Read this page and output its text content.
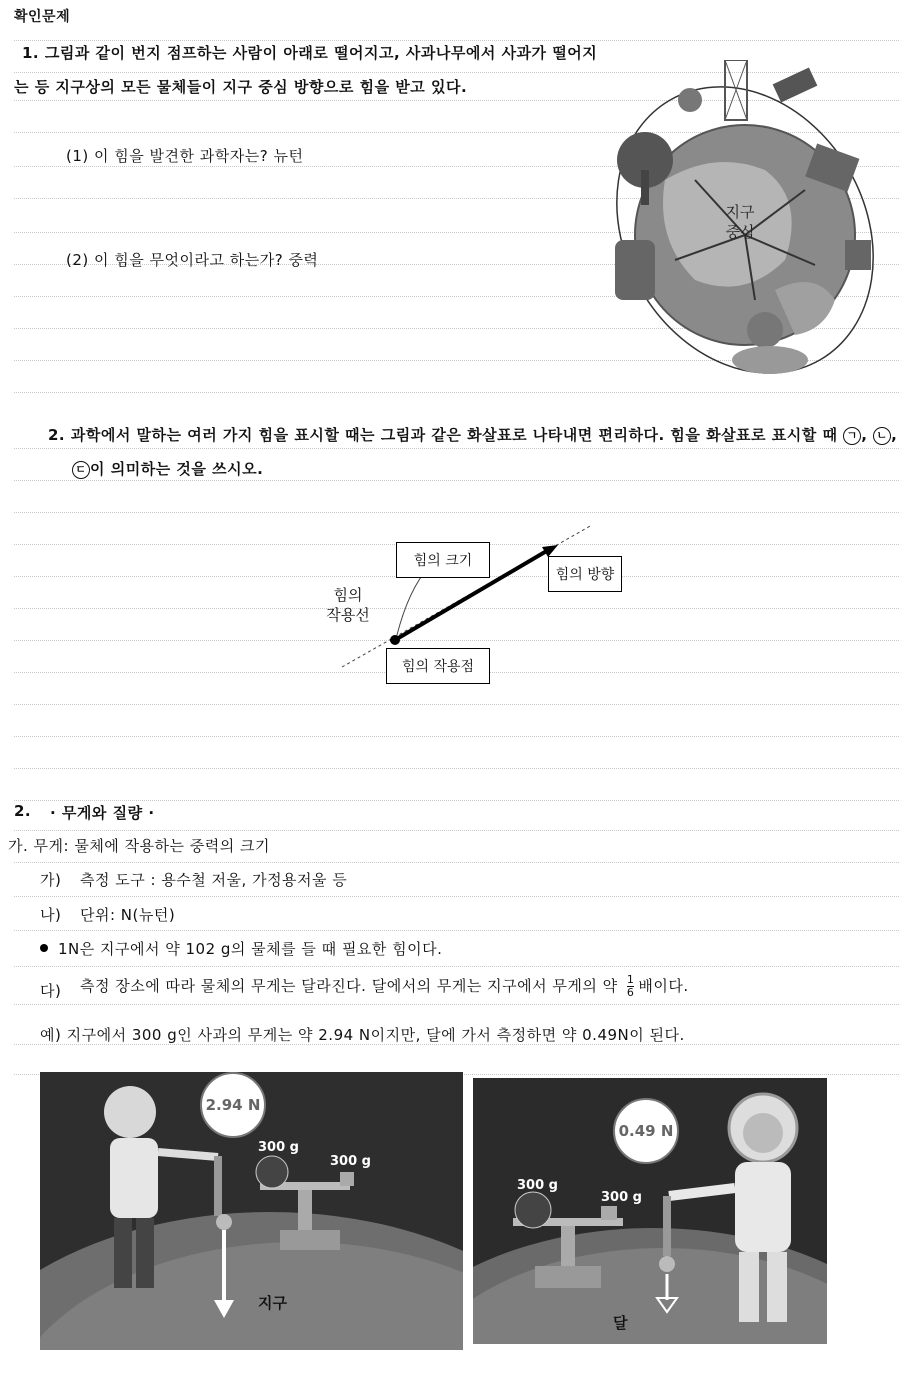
확인문제
1. 그림과 같이 번지 점프하는 사람이 아래로 떨어지고, 사과나무에서 사과가 떨어지
는 등 지구상의 모든 물체들이 지구 중심 방향으로 힘을 받고 있다.
(1) 이 힘을 발견한 과학자는? 뉴턴
(2) 이 힘을 무엇이라고 하는가? 중력
지구
중심
2. 과학에서 말하는 여러 가지 힘을 표시할 때는 그림과 같은 화살표로 나타내면 편리하다. 힘을 화살표로 표시할 때 ㄱ , ㄴ ,
ㄷ 이 의미하는 것을 쓰시오.
힘의 크기
힘의 방향
힘의 작용점
힘의
작용선
2. · 무게와 질량 ·
가. 무게: 물체에 작용하는 중력의 크기
가) 측정 도구 : 용수철 저울, 가정용저울 등
나) 단위: N(뉴턴)
1N은 지구에서 약 102 g의 물체를 들 때 필요한 힘이다.
다) 측정 장소에 따라 물체의 무게는 달라진다. 달에서의 무게는 지구에서 무게의 약 $\frac{1}{6}$ 배이다.
예) 지구에서 300 g인 사과의 무게는 약 2.94 N이지만, 달에 가서 측정하면 약 0.49N이 된다.
2.94 N
300 g
300 g
지구
0.49 N
300 g
300 g
달
